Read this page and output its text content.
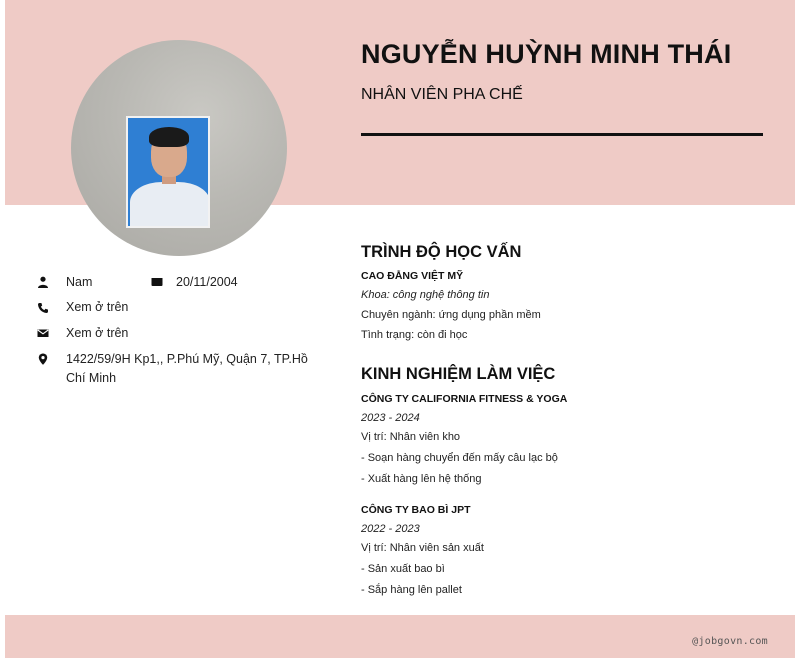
NGUYỄN HUỲNH MINH THÁI
NHÂN VIÊN PHA CHẾ
Nam	20/11/2004
Xem ở trên
Xem ở trên
1422/59/9H Kp1,, P.Phú Mỹ, Quận 7, TP.Hồ
Chí Minh
TRÌNH ĐỘ HỌC VẤN
CAO ĐẲNG VIỆT MỸ
Khoa: công nghệ thông tin
Chuyên ngành: ứng dụng phần mềm
Tình trạng: còn đi học
KINH NGHIỆM LÀM VIỆC
CÔNG TY CALIFORNIA FITNESS & YOGA
2023 - 2024
Vị trí: Nhân viên kho
- Soạn hàng chuyển đến mấy câu lạc bộ
- Xuất hàng lên hệ thống
CÔNG TY BAO BÌ JPT
2022 - 2023
Vị trí: Nhân viên sản xuất
- Sản xuất bao bì
- Sắp hàng lên pallet
@jobgovn.com
